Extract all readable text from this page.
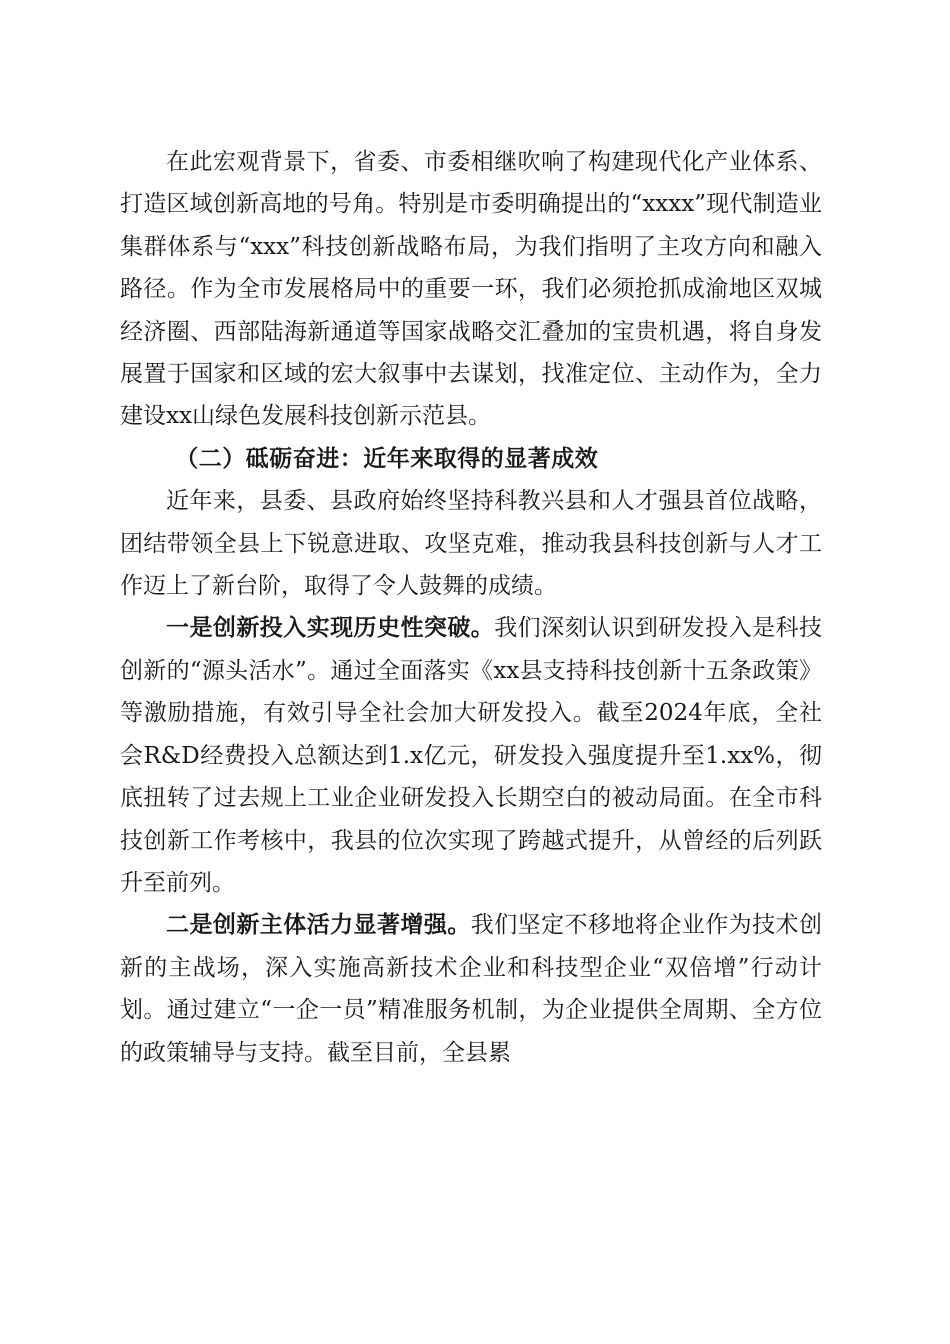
在此宏观背景下，省委、市委相继吹响了构建现代化产业体系、打造区域创新高地的号角。特别是市委明确提出的“xxxx”现代制造业集群体系与“xxx”科技创新战略布局，为我们指明了主攻方向和融入路径。作为全市发展格局中的重要一环，我们必须抢抓成渝地区双城经济圈、西部陆海新通道等国家战略交汇叠加的宝贵机遇，将自身发展置于国家和区域的宏大叙事中去谋划，找准定位、主动作为，全力建设xx山绿色发展科技创新示范县。

（二）砥砺奋进：近年来取得的显著成效

近年来，县委、县政府始终坚持科教兴县和人才强县首位战略，团结带领全县上下锐意进取、攻坚克难，推动我县科技创新与人才工作迈上了新台阶，取得了令人鼓舞的成绩。

一是创新投入实现历史性突破。我们深刻认识到研发投入是科技创新的“源头活水”。通过全面落实《xx县支持科技创新十五条政策》等激励措施，有效引导全社会加大研发投入。截至2024年底，全社会R&D经费投入总额达到1.x亿元，研发投入强度提升至1.xx%，彻底扭转了过去规上工业企业研发投入长期空白的被动局面。在全市科技创新工作考核中，我县的位次实现了跨越式提升，从曾经的后列跃升至前列。

二是创新主体活力显著增强。我们坚定不移地将企业作为技术创新的主战场，深入实施高新技术企业和科技型企业“双倍增”行动计划。通过建立“一企一员”精准服务机制，为企业提供全周期、全方位的政策辅导与支持。截至目前，全县累
